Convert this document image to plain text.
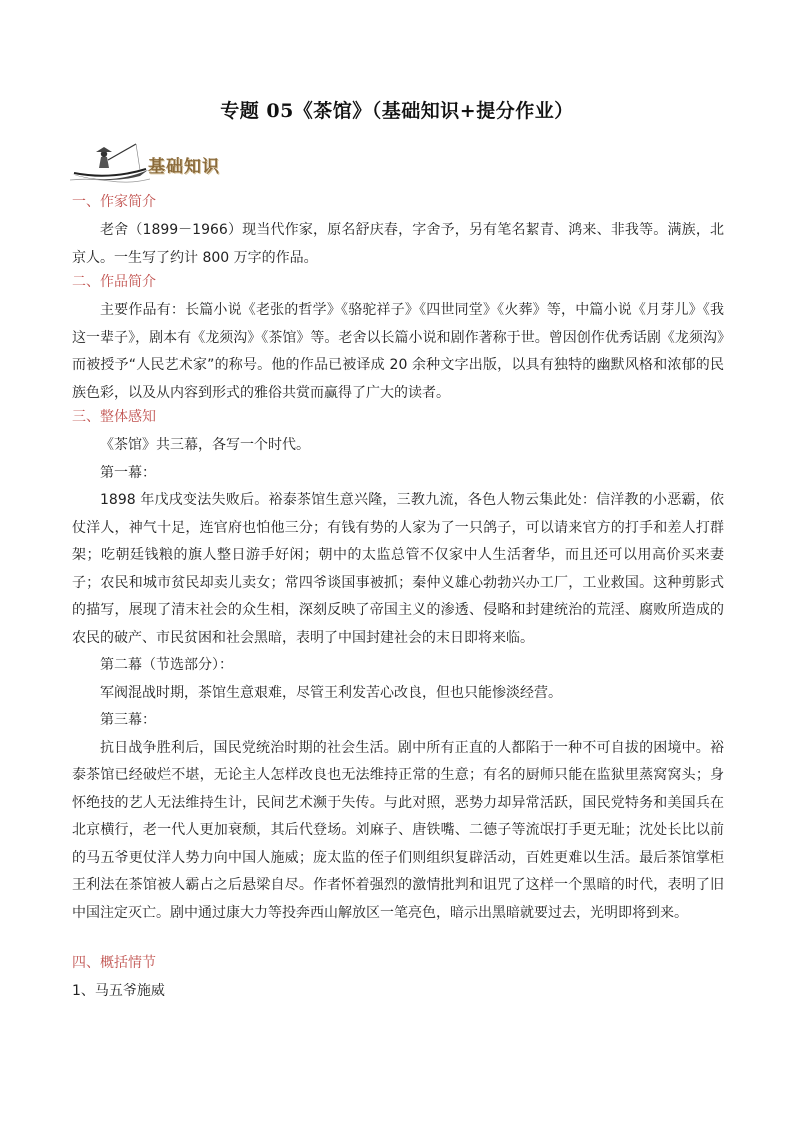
专题 05《茶馆》（基础知识+提分作业）
基础知识
一、作家简介

老舍（1899－1966）现当代作家，原名舒庆春，字舍予，另有笔名絜青、鸿来、非我等。满族，北京人。一生写了约计 800 万字的作品。

二、作品简介

主要作品有：长篇小说《老张的哲学》《骆驼祥子》《四世同堂》《火葬》等，中篇小说《月芽儿》《我这一辈子》，剧本有《龙须沟》《茶馆》等。老舍以长篇小说和剧作著称于世。曾因创作优秀话剧《龙须沟》而被授予“人民艺术家”的称号。他的作品已被译成 20 余种文字出版，以具有独特的幽默风格和浓郁的民族色彩，以及从内容到形式的雅俗共赏而赢得了广大的读者。

三、整体感知

《茶馆》共三幕，各写一个时代。

第一幕：

1898 年戊戌变法失败后。裕泰茶馆生意兴隆，三教九流，各色人物云集此处：信洋教的小恶霸，依仗洋人，神气十足，连官府也怕他三分；有钱有势的人家为了一只鸽子，可以请来官方的打手和差人打群架；吃朝廷钱粮的旗人整日游手好闲；朝中的太监总管不仅家中人生活奢华，而且还可以用高价买来妻子；农民和城市贫民却卖儿卖女；常四爷谈国事被抓；秦仲义雄心勃勃兴办工厂，工业救国。这种剪影式的描写，展现了清末社会的众生相，深刻反映了帝国主义的渗透、侵略和封建统治的荒淫、腐败所造成的农民的破产、市民贫困和社会黑暗，表明了中国封建社会的末日即将来临。

第二幕（节选部分）：

军阀混战时期，茶馆生意艰难，尽管王利发苦心改良，但也只能惨淡经营。

第三幕：

抗日战争胜利后，国民党统治时期的社会生活。剧中所有正直的人都陷于一种不可自拔的困境中。裕泰茶馆已经破烂不堪，无论主人怎样改良也无法维持正常的生意；有名的厨师只能在监狱里蒸窝窝头；身怀绝技的艺人无法维持生计，民间艺术濒于失传。与此对照，恶势力却异常活跃，国民党特务和美国兵在北京横行，老一代人更加衰颓，其后代登场。刘麻子、唐铁嘴、二德子等流氓打手更无耻；沈处长比以前的马五爷更仗洋人势力向中国人施威；庞太监的侄子们则组织复辟活动，百姓更难以生活。最后茶馆掌柜王利法在茶馆被人霸占之后悬梁自尽。作者怀着强烈的激情批判和诅咒了这样一个黑暗的时代，表明了旧中国注定灭亡。剧中通过康大力等投奔西山解放区一笔亮色，暗示出黑暗就要过去，光明即将到来。

四、概括情节

1、马五爷施威
